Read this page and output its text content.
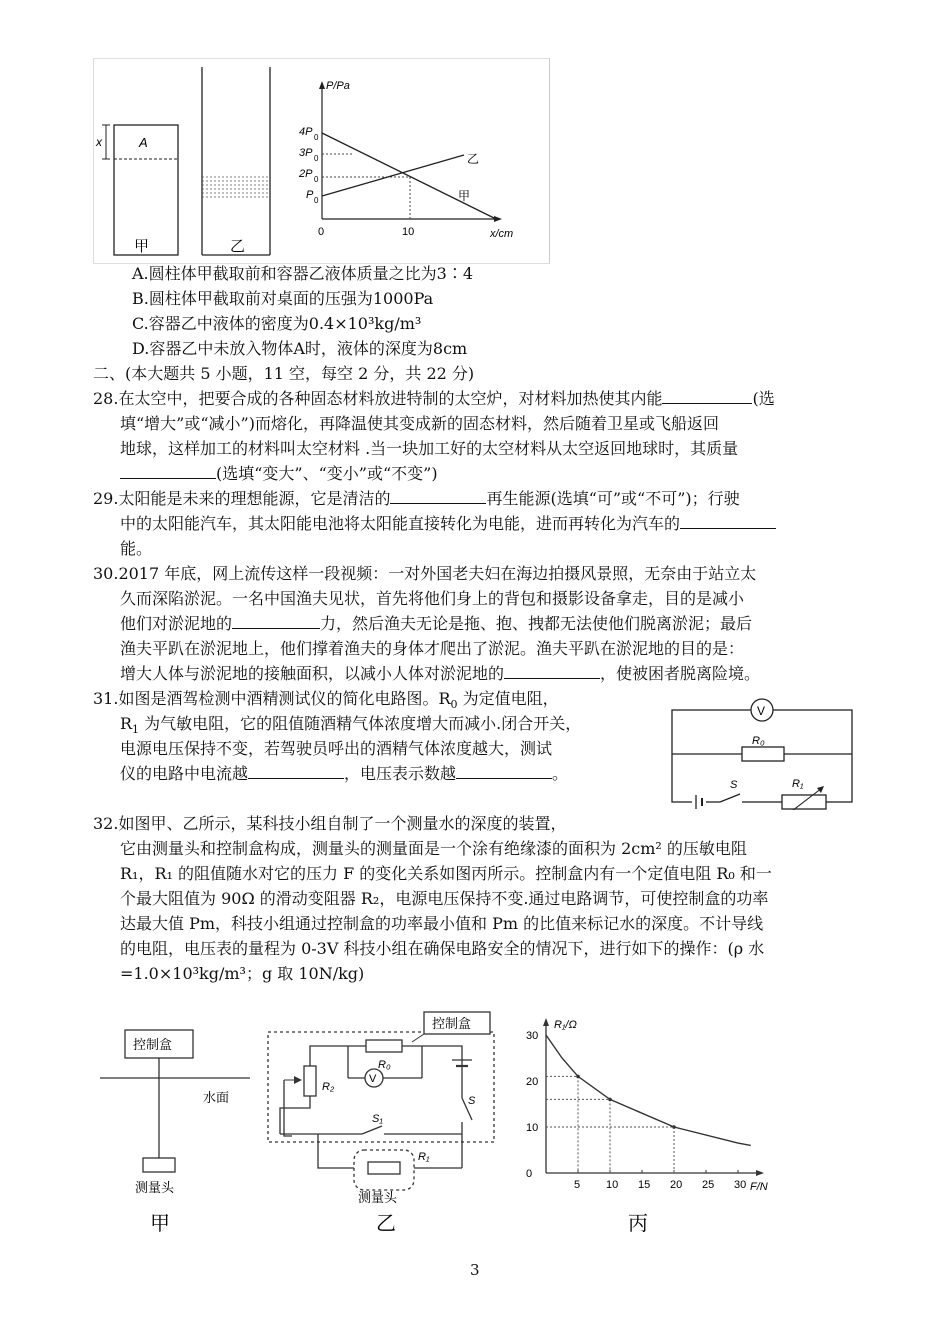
x	A
甲	乙
P/Pa
x/cm
0	10
4P 0
3P 0
2P 0
P 0
乙
甲
A.圆柱体甲截取前和容器乙液体质量之比为3∶4
B.圆柱体甲截取前对桌面的压强为1000Pa
C.容器乙中液体的密度为0.4×10³kg/m³
D.容器乙中未放入物体A时，液体的深度为8cm
二、(本大题共 5 小题，11 空，每空 2 分，共 22 分)
28.在太空中，把要合成的各种固态材料放进特制的太空炉，对材料加热使其内能	(选
填“增大”或“减小”)而熔化，再降温使其变成新的固态材料，然后随着卫星或飞船返回
地球，这样加工的材料叫太空材料 .当一块加工好的太空材料从太空返回地球时，其质量
(选填“变大”、“变小”或“不变”)
29.太阳能是未来的理想能源，它是清洁的	再生能源(选填“可”或“不可”)；行驶
中的太阳能汽车，其太阳能电池将太阳能直接转化为电能，进而再转化为汽车的
能。
30.2017 年底，网上流传这样一段视频：一对外国老夫妇在海边拍摄风景照，无奈由于站立太
久而深陷淤泥。一名中国渔夫见状，首先将他们身上的背包和摄影设备拿走，目的是减小
他们对淤泥地的	力，然后渔夫无论是拖、抱、拽都无法使他们脱离淤泥；最后
渔夫平趴在淤泥地上，他们撑着渔夫的身体才爬出了淤泥。渔夫平趴在淤泥地的目的是：
增大人体与淤泥地的接触面积，以减小人体对淤泥地的	，使被困者脱离险境。
31.如图是酒驾检测中酒精测试仪的简化电路图。$R_0$ 为定值电阻，
$R_1$ 为气敏电阻，它的阻值随酒精气体浓度增大而减小.闭合开关，
电源电压保持不变，若驾驶员呼出的酒精气体浓度越大，测试
仪的电路中电流越	，电压表示数越	。
V
R₀
S	R₁
32.如图甲、乙所示，某科技小组自制了一个测量水的深度的装置，
它由测量头和控制盒构成，测量头的测量面是一个涂有绝缘漆的面积为 2cm² 的压敏电阻
R₁，R₁ 的阻值随水对它的压力 F 的变化关系如图丙所示。控制盒内有一个定值电阻 R₀ 和一
个最大阻值为 90Ω 的滑动变阻器 R₂，电源电压保持不变.通过电路调节，可使控制盒的功率
达最大值 Pm，科技小组通过控制盒的功率最小值和 Pm 的比值来标记水的深度。不计导线
的电阻，电压表的量程为 0-3V 科技小组在确保电路安全的情况下，进行如下的操作：(ρ 水
=1.0×10³kg/m³；g 取 10N/kg)
控制盒
水面
测量头
甲
控制盒
R₀
V
R₂
S
S₁
R₁
测量头
乙
R₁/Ω
F/N
30
20
10
0
5 10 15 20 25 30
丙
3
